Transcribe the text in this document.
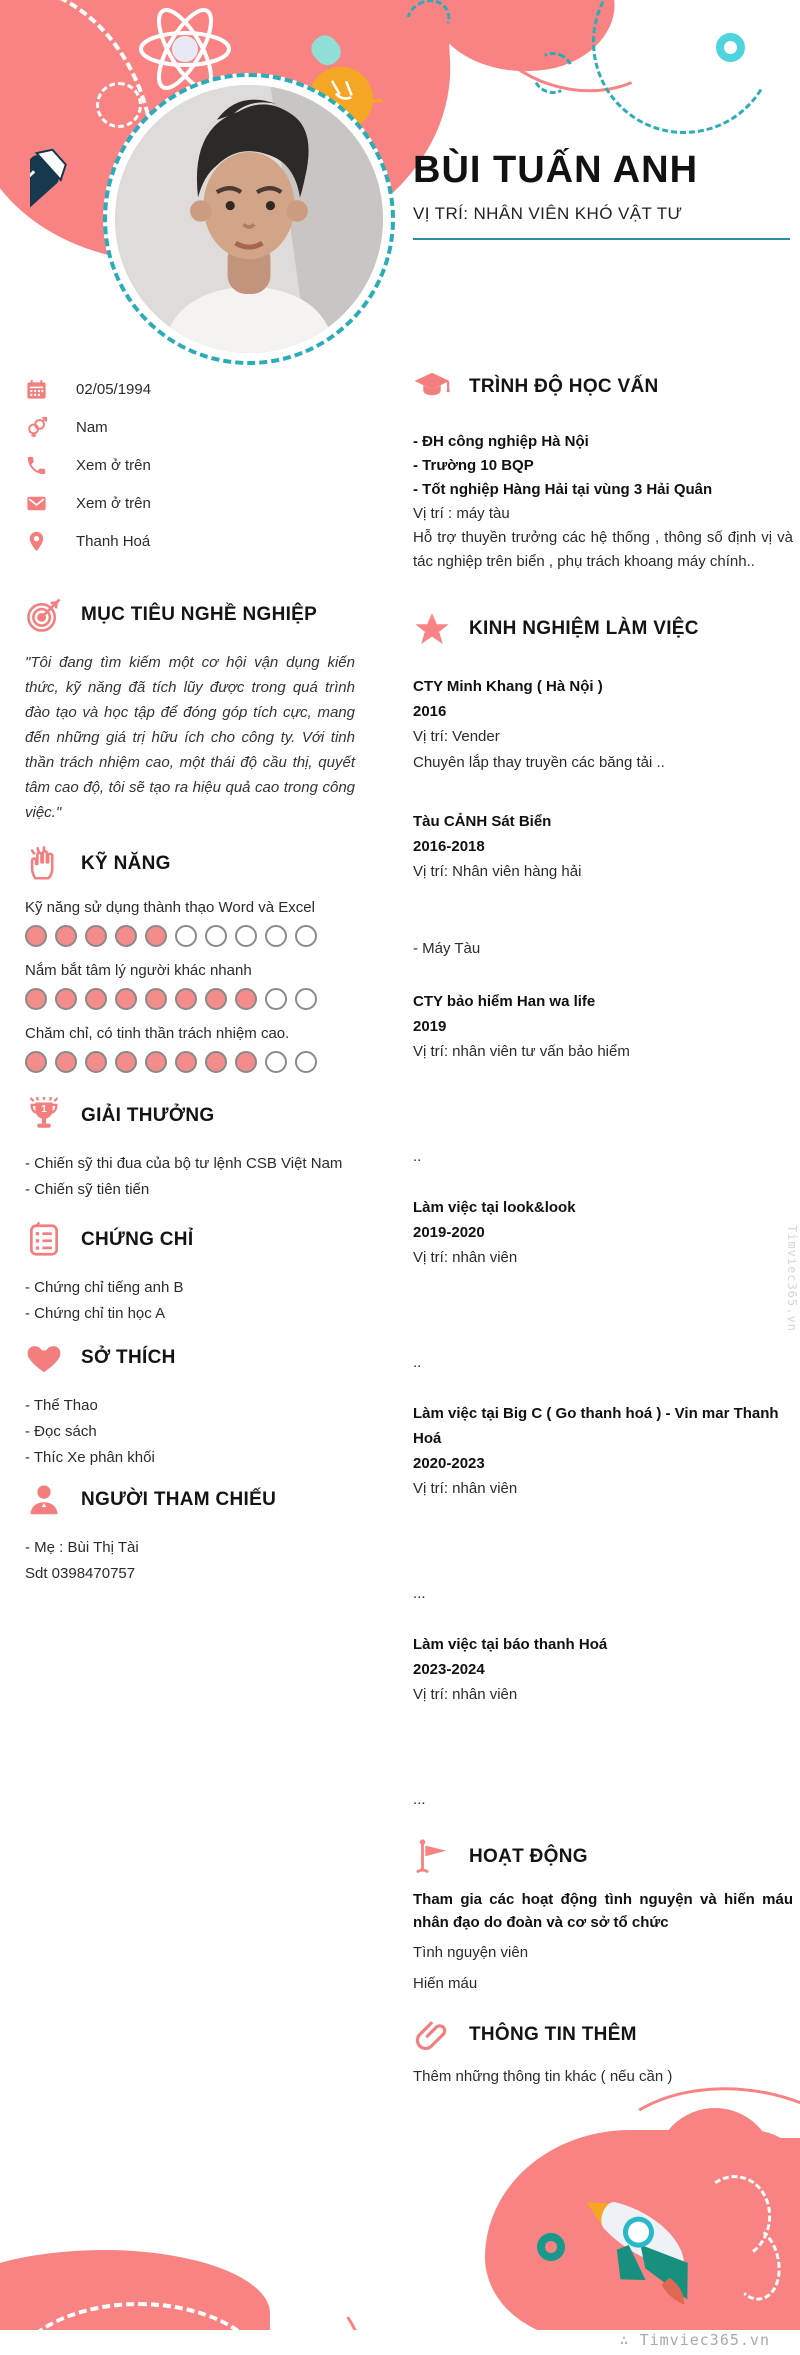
BÙI TUẤN ANH
VỊ TRÍ: NHÂN VIÊN KHÓ VẬT TƯ
02/05/1994
Nam
Xem ở trên
Xem ở trên
Thanh Hoá
MỤC TIÊU NGHỀ NGHIỆP
"Tôi đang tìm kiếm một cơ hội vận dụng kiến thức, kỹ năng đã tích lũy được trong quá trình đào tạo và học tập để đóng góp tích cực, mang đến những giá trị hữu ích cho công ty. Với tinh thần trách nhiệm cao, một thái độ cầu thị, quyết tâm cao độ, tôi sẽ tạo ra hiệu quả cao trong công việc."
KỸ NĂNG
Kỹ năng sử dụng thành thạo Word và Excel
Nắm bắt tâm lý người khác nhanh
Chăm chỉ, có tinh thần trách nhiệm cao.
1 GIẢI THƯỞNG
- Chiến sỹ thi đua của bộ tư lệnh CSB Việt Nam
- Chiến sỹ tiên tiến
CHỨNG CHỈ
- Chứng chỉ tiếng anh B
- Chứng chỉ tin học A
SỞ THÍCH
- Thể Thao
- Đọc sách
- Thíc Xe phân khối
NGƯỜI THAM CHIẾU
- Mẹ : Bùi Thị Tài
Sdt 0398470757
TRÌNH ĐỘ HỌC VẤN
- ĐH công nghiệp Hà Nội
- Trường 10 BQP
- Tốt nghiệp Hàng Hải tại vùng 3 Hải Quân
Vị trí : máy tàu
Hỗ trợ thuyền trưởng các hệ thống , thông số định vị và tác nghiệp trên biển , phụ trách khoang máy chính..
KINH NGHIỆM LÀM VIỆC
CTY Minh Khang ( Hà Nội )
2016
Vị trí: Vender
Chuyên lắp thay truyền các băng tải ..
Tàu CẢNH Sát Biển
2016-2018
Vị trí: Nhân viên hàng hải
- Máy Tàu
CTY bảo hiểm Han wa life
2019
Vị trí: nhân viên tư vấn bảo hiểm
..
Làm việc tại look&look
2019-2020
Vị trí: nhân viên
..
Làm việc tại Big C ( Go thanh hoá ) - Vin mar Thanh Hoá
2020-2023
Vị trí: nhân viên
...
Làm việc tại báo thanh Hoá
2023-2024
Vị trí: nhân viên
...
HOẠT ĐỘNG
Tham gia các hoạt động tình nguyện và hiến máu nhân đạo do đoàn và cơ sở tổ chức
Tình nguyện viên
Hiến máu
THÔNG TIN THÊM
Thêm những thông tin khác ( nếu cần )
∴ Timviec365.vn
Timviec365.vn
